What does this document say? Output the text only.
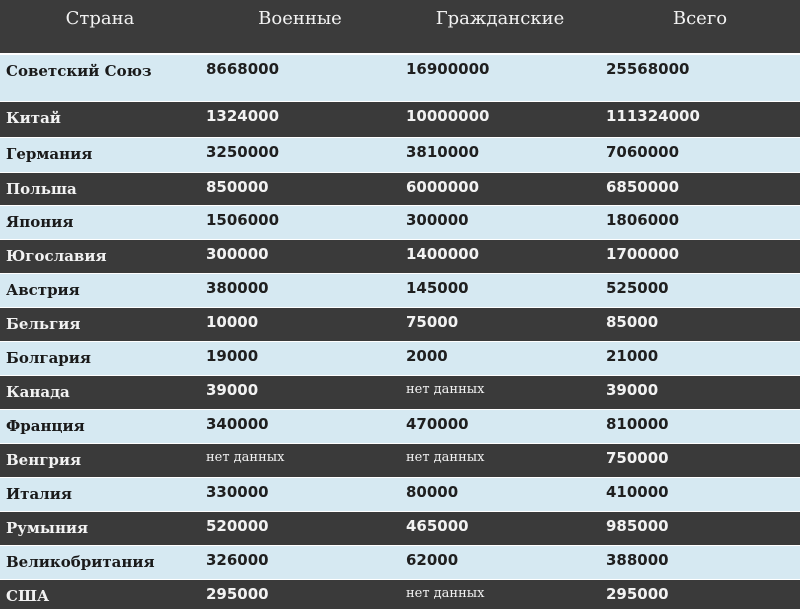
Страна	Военные	Гражданские	Всего
Советский Союз	8668000	16900000	25568000
Китай	1324000	10000000	111324000
Германия	3250000	3810000	7060000
Польша	850000	6000000	6850000
Япония	1506000	300000	1806000
Югославия	300000	1400000	1700000
Австрия	380000	145000	525000
Бельгия	10000	75000	85000
Болгария	19000	2000	21000
Канада	39000	нет данных	39000
Франция	340000	470000	810000
Венгрия	нет данных	нет данных	750000
Италия	330000	80000	410000
Румыния	520000	465000	985000
Великобритания	326000	62000	388000
США	295000	нет данных	295000
